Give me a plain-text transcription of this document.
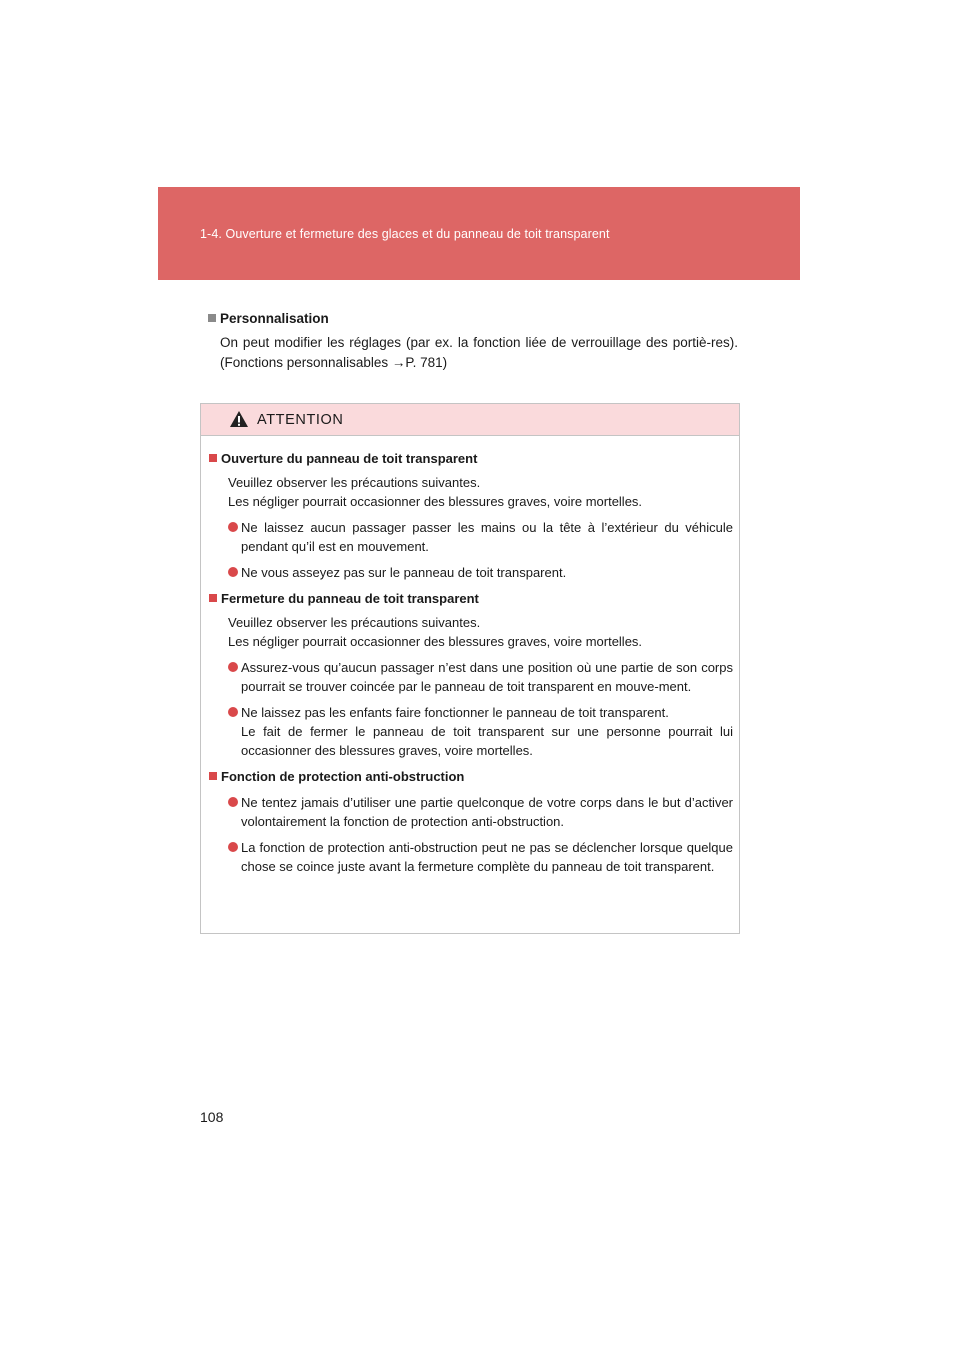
1-4. Ouverture et fermeture des glaces et du panneau de toit transparent

Personnalisation

On peut modifier les réglages (par ex. la fonction liée de verrouillage des portiè-res). (Fonctions personnalisables →P. 781)

ATTENTION

Ouverture du panneau de toit transparent

Veuillez observer les précautions suivantes.
Les négliger pourrait occasionner des blessures graves, voire mortelles.

Ne laissez aucun passager passer les mains ou la tête à l’extérieur du véhicule pendant qu’il est en mouvement.
Ne vous asseyez pas sur le panneau de toit transparent.

Fermeture du panneau de toit transparent

Veuillez observer les précautions suivantes.
Les négliger pourrait occasionner des blessures graves, voire mortelles.

Assurez-vous qu’aucun passager n’est dans une position où une partie de son corps pourrait se trouver coincée par le panneau de toit transparent en mouve-ment.
Ne laissez pas les enfants faire fonctionner le panneau de toit transparent.
Le fait de fermer le panneau de toit transparent sur une personne pourrait lui occasionner des blessures graves, voire mortelles.

Fonction de protection anti-obstruction

Ne tentez jamais d’utiliser une partie quelconque de votre corps dans le but d’activer volontairement la fonction de protection anti-obstruction.
La fonction de protection anti-obstruction peut ne pas se déclencher lorsque quelque chose se coince juste avant la fermeture complète du panneau de toit transparent.
108
